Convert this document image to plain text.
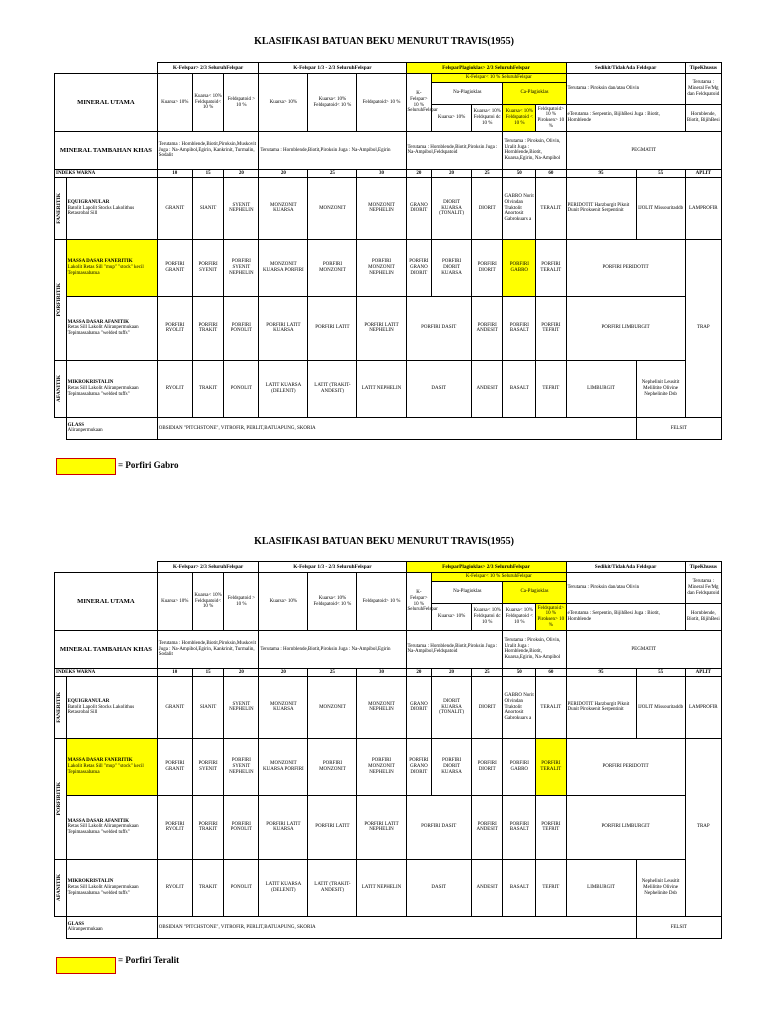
KLASIFIKASI BATUAN BEKU MENURUT TRAVIS(1955)
		K-Felspar> 2/3 SeluruhFelspar			K-Felspar 1/3 - 2/3 SeluruhFelspar			FelsparPlagioklas> 2/3 SeluruhFelspar					Sedikit/TidakAda Feldspar		TipeKhusus
MINERAL UTAMA		Kuarsa> 10%	Kuarsa< 10% Feldspatoid< 10 %	Feldspatoid > 10 %	Kuarsa> 10%	Kuarsa< 10% Feldspatoid< 10 %	Feldspatoid> 10 %	K-Felspar> 10 % SeluruhFelspar	K-Felspar< 10 % SeluruhFelspar				Terutama : Piroksin dan/atau Olivin		Terutama : Mineral Fe/Mg dan Feldspatoid
									Na-Plagioklas		Ca-Plagioklas				
									Kuarsa> 10%	Kuarsa< 10% Feldspatoi dc 10 %	Kuarsa< 10% Feldspatoid < 10 %	Feldspatoid> 10 % Piroksen> 10 %	eTerutama : Serpentin, BijihBesi Juga : Biotit, Hornblende		Hornblende, Biotit, BijihBesi
MINERAL TAMBAHAN KHAS		Terutama : Hornblende,Biotit,Piroksin,Muskovit Juga : Na-Ampibol,Egirin, Kankrinit, Turmalin, Sodalit			Terutama : Hornblende,Biotit,Piroksin Juga : Na-Ampibol,Egirin			Terutama : Hornblende,Biotit,Piroksin Juga : Na-Ampibol,Feldspatoid			Terutama : Piroksin, Olivin, Uralit Juga : Hornblende,Biotit, Kuarsa,Egirin, Na-Ampibol		PEGMATIT		
INDEKS WARNA		10	15	20	20	25	30	20	20	25	50	60	95	55	APLIT

FANERITIK	EQUIGRANULAR
Batolit Lapolit Stocks Lakolithus Retasrobal Sill	GRANIT	SIANIT	SYENIT NEPHELIN	MONZONIT KUARSA	MONZONIT	MONZONIT NEPHELIN	GRANO DIORIT	DIORIT KUARSA (TONALIT)	DIORIT	GABRO Norit Olvindan Traktolit Anortosit Gabrokuars a	TERALIT	PERIDOTIT Harzburgit Piknit Dunit Piroksenit Serpentinit	IJOLIT Missouritaddb	LAMPROFIR

PORFIRITIK	MASSA DASAR FANERITIK
Lakolit Retas Sill "mup" "stock" kecil Tepimassabatua	PORFIRI GRANIT	PORFIRI SYENIT	PORFIRI SYENIT NEPHELIN	MONZONIT KUARSA PORFIRI	PORFIRI MONZONIT	PORFIRI MONZONIT NEPHELIN	PORFIRI GRANO DIORIT	PORFIRI DIORIT KUARSA	PORFIRI DIORIT	PORFIRI GABRO	PORFIRI TERALIT	PORFIRI PERIDOTIT		TRAP
	MASSA DASAR AFANITIK
Retas Sill Lakolit Aliranpermukaan Tepimassabatua "welded tuffs"	PORFIRI RYOLIT	PORFIRI TRAKIT	PORFIRI PONOLIT	PORFIRI LATIT KUARSA	PORFIRI LATIT	PORFIRI LATIT NEPHELIN	PORFIRI DASIT		PORFIRI ANDESIT	PORFIRI BASALT	PORFIRI TEFRIT	PORFIRI LIMBURGIT		

AFANITIK	MIKROKRISTALIN
Retas Sill Lakolit Aliranpermukaan Tepimassabatua "welded tuffs"	RYOLIT	TRAKIT	PONOLIT	LATIT KUARSA (DELENIT)	LATIT (TRAKIT-ANDESIT)	LATIT NEPHELIN	DASIT		ANDESIT	BASALT	TEFRIT	LIMBURGIT	Nephelinit Leusitit Melilitite Olivine Nephelinite Dsb	
	GLASS
Aliranpermukaan	OBSIDIAN "PITCHSTONE", VITROFIR, PERLIT,BATUAPUNG, SKORIA												FELSIT	
= Porfiri Gabro
KLASIFIKASI BATUAN BEKU MENURUT TRAVIS(1955)
		K-Felspar> 2/3 SeluruhFelspar			K-Felspar 1/3 - 2/3 SeluruhFelspar			FelsparPlagioklas> 2/3 SeluruhFelspar					Sedikit/TidakAda Feldspar		TipeKhusus
MINERAL UTAMA		Kuarsa> 10%	Kuarsa< 10% Feldspatoid< 10 %	Feldspatoid > 10 %	Kuarsa> 10%	Kuarsa< 10% Feldspatoid< 10 %	Feldspatoid> 10 %	K-Felspar> 10 % SeluruhFelspar	K-Felspar< 10 % SeluruhFelspar				Terutama : Piroksin dan/atau Olivin		Terutama : Mineral Fe/Mg dan Feldspatoid
									Na-Plagioklas		Ca-Plagioklas				
									Kuarsa> 10%	Kuarsa< 10% Feldspatoi dc 10 %	Kuarsa< 10% Feldspatoid < 10 %	Feldspatoid> 10 % Piroksen> 10 %	eTerutama : Serpentin, BijihBesi Juga : Biotit, Hornblende		Hornblende, Biotit, BijihBesi
MINERAL TAMBAHAN KHAS		Terutama : Hornblende,Biotit,Piroksin,Muskovit Juga : Na-Ampibol,Egirin, Kankrinit, Turmalin, Sodalit			Terutama : Hornblende,Biotit,Piroksin Juga : Na-Ampibol,Egirin			Terutama : Hornblende,Biotit,Piroksin Juga : Na-Ampibol,Feldspatoid			Terutama : Piroksin, Olivin, Uralit Juga : Hornblende,Biotit, Kuarsa,Egirin, Na-Ampibol		PEGMATIT		
INDEKS WARNA		10	15	20	20	25	30	20	20	25	50	60	95	55	APLIT

FANERITIK	EQUIGRANULAR
Batolit Lapolit Stocks Lakolithus Retasrobal Sill	GRANIT	SIANIT	SYENIT NEPHELIN	MONZONIT KUARSA	MONZONIT	MONZONIT NEPHELIN	GRANO DIORIT	DIORIT KUARSA (TONALIT)	DIORIT	GABRO Norit Olvindan Traktolit Anortosit Gabrokuars a	TERALIT	PERIDOTIT Harzburgit Piknit Dunit Piroksenit Serpentinit	IJOLIT Missouritaddb	LAMPROFIR

PORFIRITIK	MASSA DASAR FANERITIK
Lakolit Retas Sill "mup" "stock" kecil Tepimassabatua	PORFIRI GRANIT	PORFIRI SYENIT	PORFIRI SYENIT NEPHELIN	MONZONIT KUARSA PORFIRI	PORFIRI MONZONIT	PORFIRI MONZONIT NEPHELIN	PORFIRI GRANO DIORIT	PORFIRI DIORIT KUARSA	PORFIRI DIORIT	PORFIRI GABRO	PORFIRI TERALIT	PORFIRI PERIDOTIT		TRAP
	MASSA DASAR AFANITIK
Retas Sill Lakolit Aliranpermukaan Tepimassabatua "welded tuffs"	PORFIRI RYOLIT	PORFIRI TRAKIT	PORFIRI PONOLIT	PORFIRI LATIT KUARSA	PORFIRI LATIT	PORFIRI LATIT NEPHELIN	PORFIRI DASIT		PORFIRI ANDESIT	PORFIRI BASALT	PORFIRI TEFRIT	PORFIRI LIMBURGIT		

AFANITIK	MIKROKRISTALIN
Retas Sill Lakolit Aliranpermukaan Tepimassabatua "welded tuffs"	RYOLIT	TRAKIT	PONOLIT	LATIT KUARSA (DELENIT)	LATIT (TRAKIT-ANDESIT)	LATIT NEPHELIN	DASIT		ANDESIT	BASALT	TEFRIT	LIMBURGIT	Nephelinit Leusitit Melilitite Olivine Nephelinite Dsb	
	GLASS
Aliranpermukaan	OBSIDIAN "PITCHSTONE", VITROFIR, PERLIT,BATUAPUNG, SKORIA												FELSIT	
= Porfiri Teralit
